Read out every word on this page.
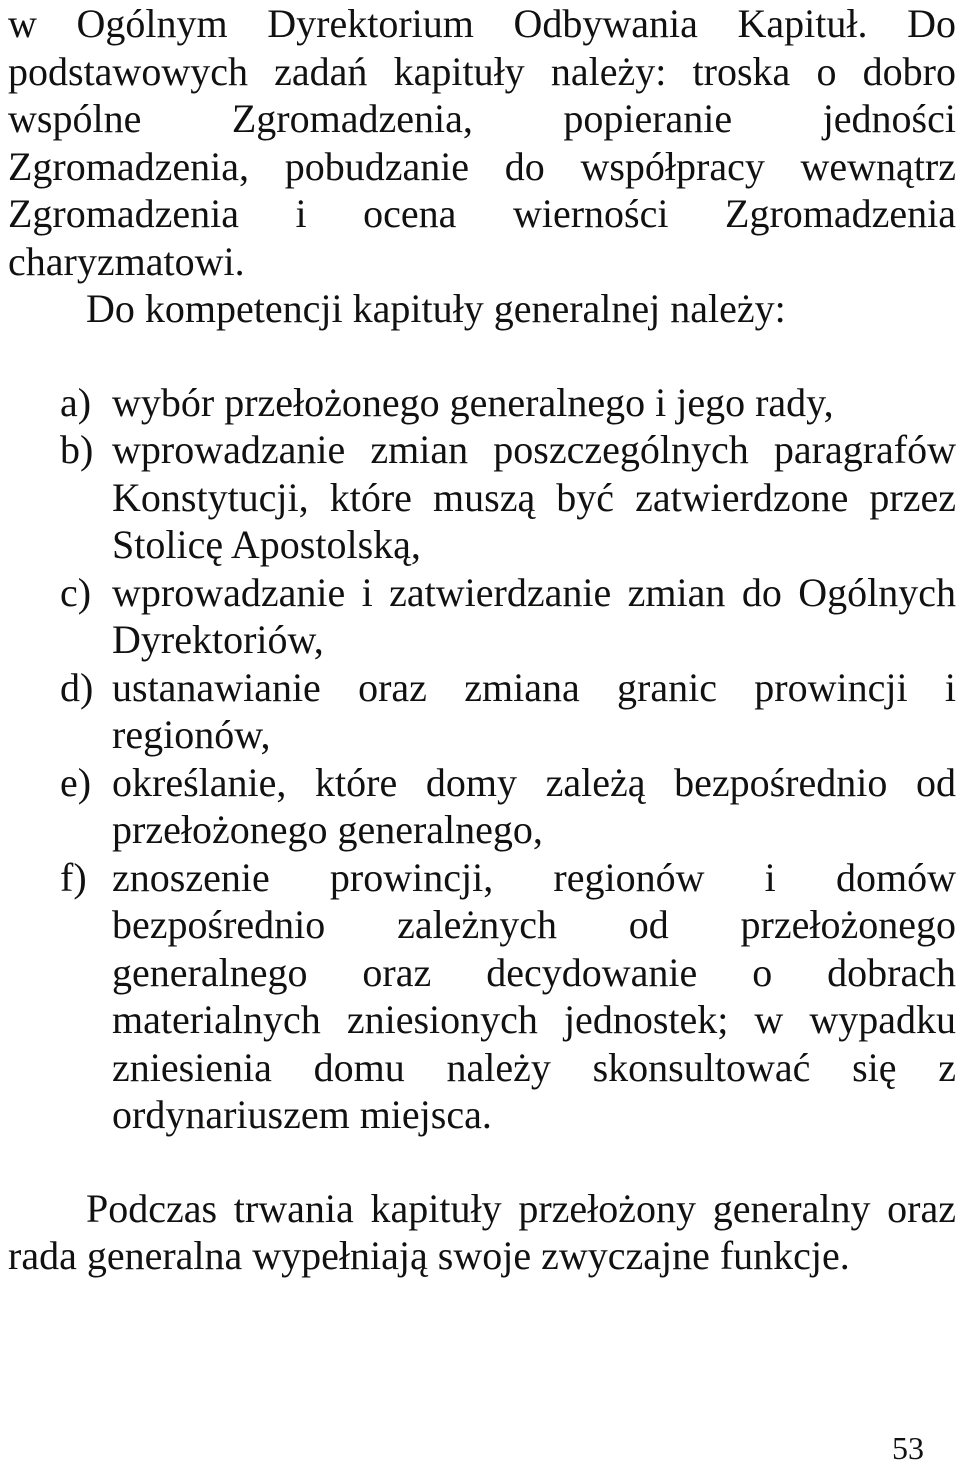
w Ogólnym Dyrektorium Odbywania Kapituł. Do podstawowych zadań kapituły należy: troska o dobro wspólne Zgromadzenia, popieranie jedności Zgromadzenia, pobudzanie do współpracy wewnątrz Zgromadzenia i ocena wierności Zgromadzenia charyzmatowi.

Do kompetencji kapituły generalnej należy:

a) wybór przełożonego generalnego i jego rady,
b) wprowadzanie zmian poszczególnych paragrafów Konstytucji, które muszą być zatwierdzone przez Stolicę Apostolską,
c) wprowadzanie i zatwierdzanie zmian do Ogólnych Dyrektoriów,
d) ustanawianie oraz zmiana granic prowincji i regionów,
e) określanie, które domy zależą bezpośrednio od przełożonego generalnego,
f) znoszenie prowincji, regionów i domów bezpośrednio zależnych od przełożonego generalnego oraz decydowanie o dobrach materialnych zniesionych jednostek; w wypadku zniesienia domu należy skonsultować się z ordynariuszem miejsca.

Podczas trwania kapituły przełożony generalny oraz rada generalna wypełniają swoje zwyczajne funkcje.

53
